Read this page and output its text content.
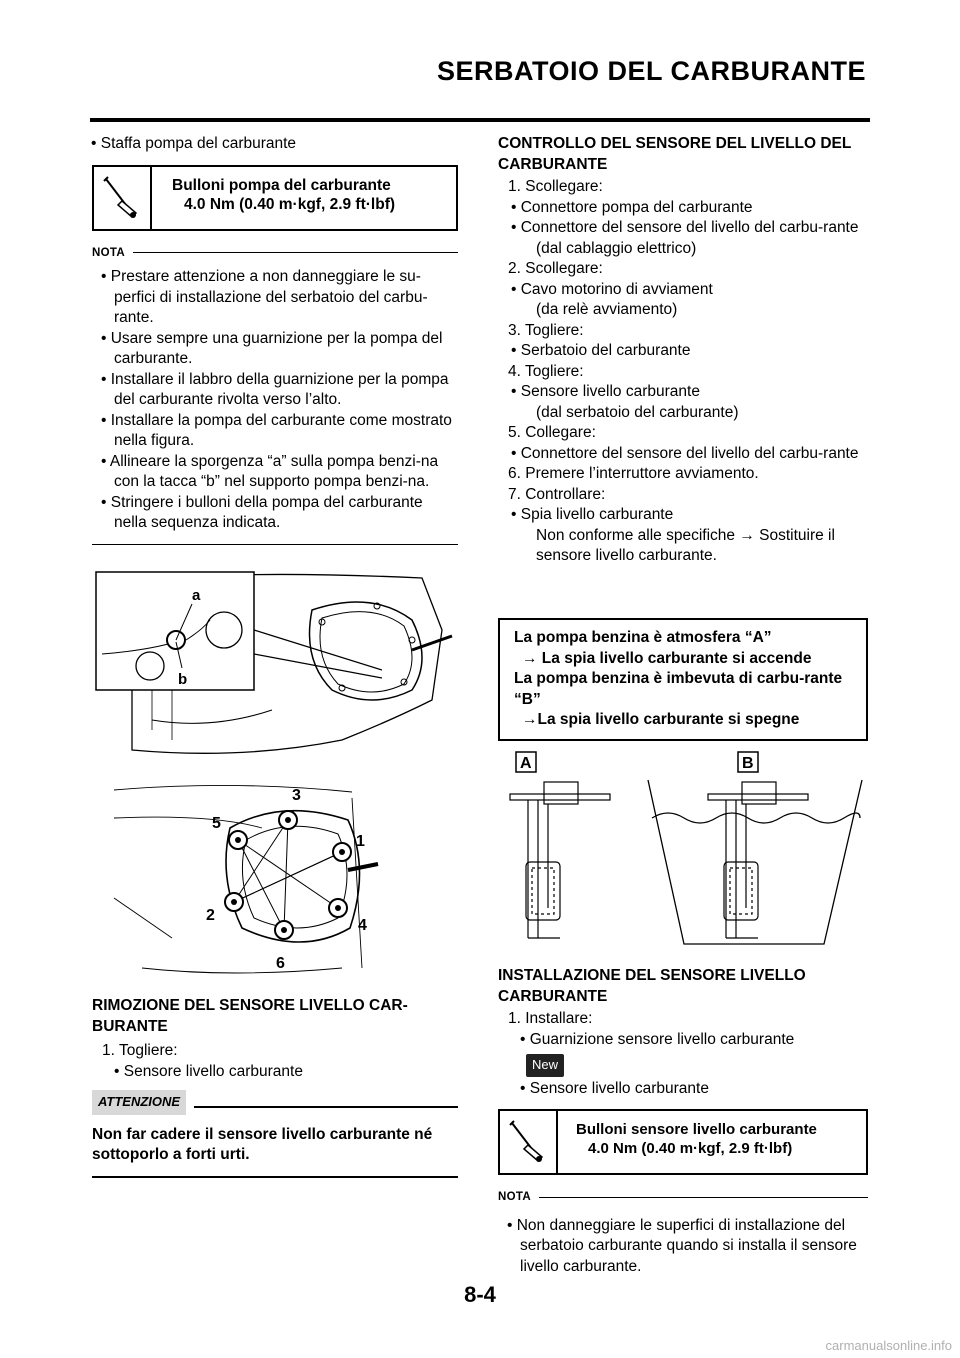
SERBATOIO DEL CARBURANTE

• Staffa pompa del carburante

Bulloni pompa del carburante
4.0 Nm (0.40 m·kgf, 2.9 ft·lbf)
NOTA

• Prestare attenzione a non danneggiare le su-perfici di installazione del serbatoio del carbu-rante.

• Usare sempre una guarnizione per la pompa del carburante.

• Installare il labbro della guarnizione per la pompa del carburante rivolta verso l’alto.

• Installare la pompa del carburante come mostrato nella figura.

• Allineare la sporgenza “a” sulla pompa benzi-na con la tacca “b” nel supporto pompa benzi-na.

• Stringere i bulloni della pompa del carburante nella sequenza indicata.

a
b
1
2
3
4
5
6

RIMOZIONE DEL SENSORE LIVELLO CAR-BURANTE

1. Togliere:

• Sensore livello carburante

ATTENZIONE

Non far cadere il sensore livello carburante né sottoporlo a forti urti.

CONTROLLO DEL SENSORE DEL LIVELLO DEL CARBURANTE

1. Scollegare:

• Connettore pompa del carburante

• Connettore del sensore del livello del carbu-rante

(dal cablaggio elettrico)

2. Scollegare:

• Cavo motorino di avviament

(da relè avviamento)

3. Togliere:

• Serbatoio del carburante

4. Togliere:

• Sensore livello carburante

(dal serbatoio del carburante)

5. Collegare:

• Connettore del sensore del livello del carbu-rante

6. Premere l’interruttore avviamento.

7. Controllare:

• Spia livello carburante

Non conforme alle specifiche → Sostituire il sensore livello carburante.

La pompa benzina è atmosfera “A”
→ La spia livello carburante si accende
La pompa benzina è imbevuta di carbu-rante “B”
→La spia livello carburante si spegne
A	B

INSTALLAZIONE DEL SENSORE LIVELLO CARBURANTE

1. Installare:

• Guarnizione sensore livello carburante

New

• Sensore livello carburante

Bulloni sensore livello carburante
4.0 Nm (0.40 m·kgf, 2.9 ft·lbf)
NOTA

• Non danneggiare le superfici di installazione del serbatoio carburante quando si installa il sensore livello carburante.

8-4
carmanualsonline.info
